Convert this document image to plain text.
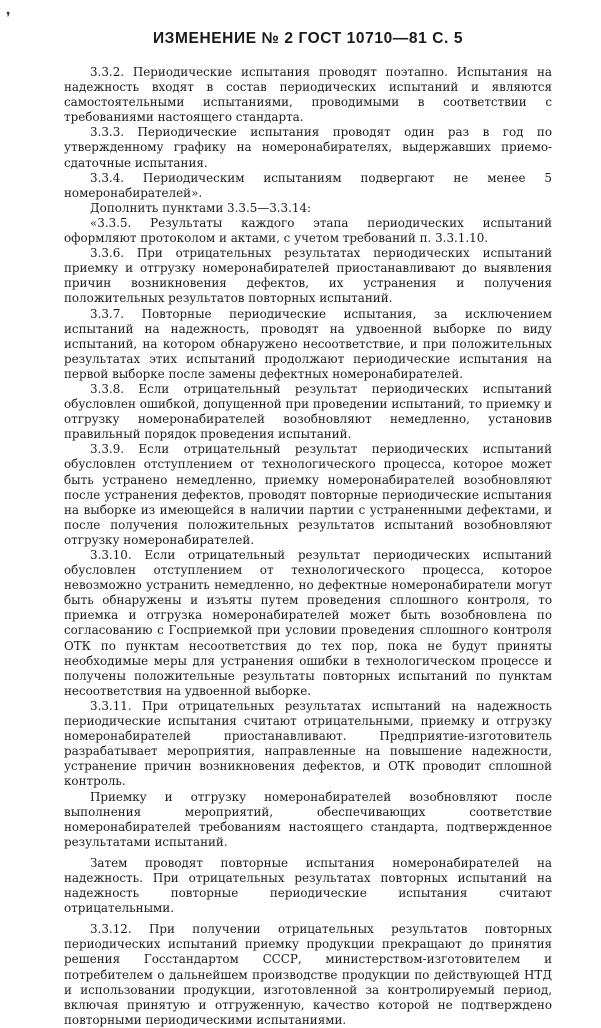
❜
ИЗМЕНЕНИЕ № 2 ГОСТ 10710—81 С. 5

3.3.2. Периодические испытания проводят поэтапно. Испытания на надежность входят в состав периодических испытаний и являются самостоятельными испытаниями, проводимыми в соответствии с требованиями настоящего стандарта.

3.3.3. Периодические испытания проводят один раз в год по утвержденному графику на номеронабирателях, выдержавших приемо-сдаточные испытания.

3.3.4. Периодическим испытаниям подвергают не менее 5 номеронабирателей».

Дополнить пунктами 3.3.5—3.3.14:

«3.3.5. Результаты каждого этапа периодических испытаний оформляют протоколом и актами, с учетом требований п. 3.3.1.10.

3.3.6. При отрицательных результатах периодических испытаний приемку и отгрузку номеронабирателей приостанавливают до выявления причин возникновения дефектов, их устранения и получения положительных результатов повторных испытаний.

3.3.7. Повторные периодические испытания, за исключением испытаний на надежность, проводят на удвоенной выборке по виду испытаний, на котором обнаружено несоответствие, и при положительных результатах этих испытаний продолжают периодические испытания на первой выборке после замены дефектных номеронабирателей.

3.3.8. Если отрицательный результат периодических испытаний обусловлен ошибкой, допущенной при проведении испытаний, то приемку и отгрузку номеронабирателей возобновляют немедленно, установив правильный порядок проведения испытаний.

3.3.9. Если отрицательный результат периодических испытаний обусловлен отступлением от технологического процесса, которое может быть устранено немедленно, приемку номеронабирателей возобновляют после устранения дефектов, проводят повторные периодические испытания на выборке из имеющейся в наличии партии с устраненными дефектами, и после получения положительных результатов испытаний возобновляют отгрузку номеронабирателей.

3.3.10. Если отрицательный результат периодических испытаний обусловлен отступлением от технологического процесса, которое невозможно устранить немедленно, но дефектные номеронабиратели могут быть обнаружены и изъяты путем проведения сплошного контроля, то приемка и отгрузка номеронабирателей может быть возобновлена по согласованию с Госприемкой при условии проведения сплошного контроля ОТК по пунктам несоответствия до тех пор, пока не будут приняты необходимые меры для устранения ошибки в технологическом процессе и получены положительные результаты повторных испытаний по пунктам несоответствия на удвоенной выборке.

3.3.11. При отрицательных результатах испытаний на надежность периодические испытания считают отрицательными, приемку и отгрузку номеронабирателей приостанавливают. Предприятие-изготовитель разрабатывает мероприятия, направленные на повышение надежности, устранение причин возникновения дефектов, и ОТК проводит сплошной контроль.

Приемку и отгрузку номеронабирателей возобновляют после выполнения мероприятий, обеспечивающих соответствие номеронабирателей требованиям настоящего стандарта, подтвержденное результатами испытаний.

Затем проводят повторные испытания номеронабирателей на надежность. При отрицательных результатах повторных испытаний на надежность повторные периодические испытания считают отрицательными.

3.3.12. При получении отрицательных результатов повторных периодических испытаний приемку продукции прекращают до принятия решения Госстандартом СССР, министерством-изготовителем и потребителем о дальнейшем производстве продукции по действующей НТД и использовании продукции, изготовленной за контролируемый период, включая принятую и отгруженную, качество которой не подтверждено повторными периодическими испытаниями.
